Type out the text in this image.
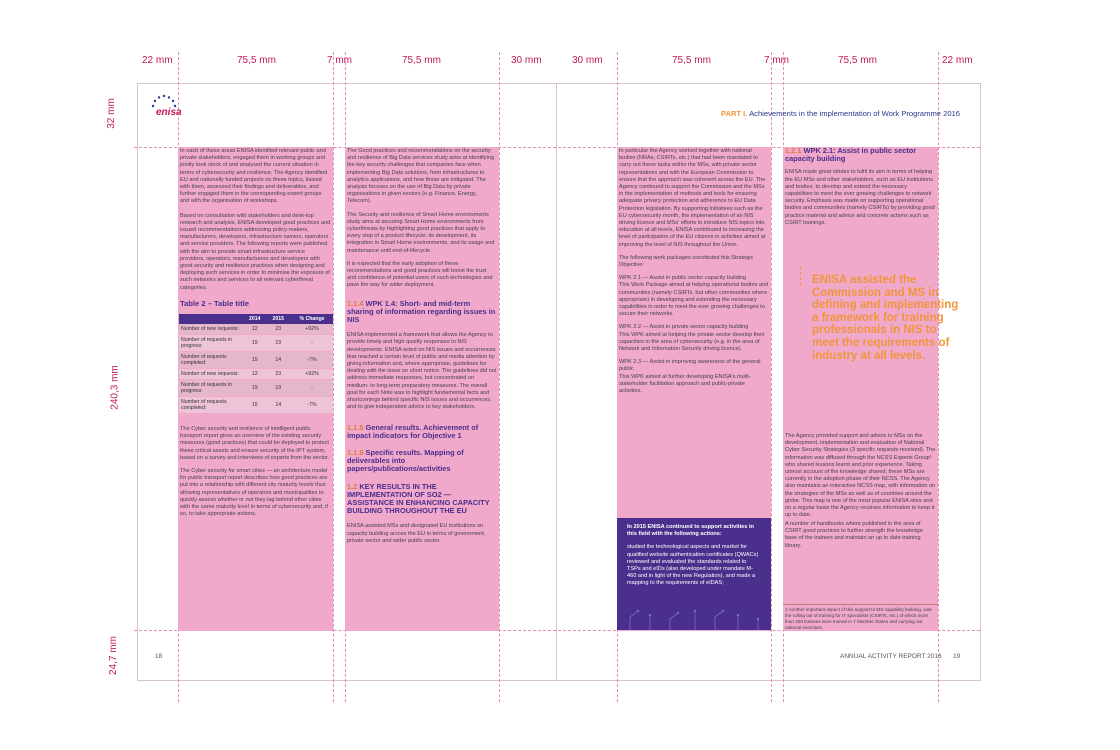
22 mm	75,5 mm	7 mm	75,5 mm	30 mm	30 mm	75,5 mm	7 mm	75,5 mm	22 mm
32 mm
240,3 mm
24,7 mm
enisa	PART I. Achievements in the implementation of Work Programme 2016
In each of these areas ENISA identified relevant public and private stakeholders, engaged them in working groups and jointly took stock of and analysed the current situation in terms of cybersecurity and resilience. The Agency identified EU and nationally funded projects on these topics, liaised with them, assessed their findings and deliverables, and further engaged them in the corresponding expert groups and with the organisation of workshops.
Based on consultation with stakeholders and desk-top research and analysis, ENISA developed good practices and issued recommendations addressing policy-makers, manufacturers, developers, infrastructure owners, operators and service providers. The following reports were published with the aim to provide smart infrastructure service providers, operators, manufacturers and developers with good security and resilience practices when designing and deploying such services in order to minimise the exposure of such networks and services to all relevant cyberthreat categories.
Table 2 – Table title
	2014	2015	% Change
Number of new requests:	12	23	+92%
Number of requests in progress:	19	19	-
Number of requests completed:	15	14	-7%
Number of new requests:	12	23	+92%
Number of requests in progress:	19	19	-
Number of requests completed:	15	14	-7%
The Cyber security and resilience of intelligent public transport report gives an overview of the existing security measures (good practices) that could be deployed to protect these critical assets and ensure security of the IPT system, based on a survey and interviews of experts from the sector.
The Cyber security for smart cities — an architecture model for public transport report describes how good practices are put into a relationship with different city maturity levels thus allowing representatives of operators and municipalities to quickly assess whether or not they lag behind other cities with the same maturity level in terms of cybersecurity and, if so, to take appropriate actions.
The Good practices and recommendations on the security and resilience of Big Data services study aims at identifying the key security challenges that companies face when implementing Big Data solutions, from infrastructures to analytics applications, and how those are mitigated. The analysis focuses on the use of Big Data by private organisations in given sectors (e.g. Finance, Energy, Telecom).
The Security and resilience of Smart Home environments study aims at securing Smart Home environments from cyberthreats by highlighting good practices that apply to every step of a product lifecycle: its development, its integration in Smart Home environments, and its usage and maintenance until end-of-lifecycle.
It is expected that the early adoption of these recommendations and good practices will boost the trust and confidence of potential users of such technologies and pave the way for wider deployment.
1.1.4 WPK 1.4: Short- and mid-term sharing of information regarding issues in NIS
ENISA implemented a framework that allows the Agency to provide timely and high quality responses to NIS developments. ENISA acted on NIS issues and occurrences that reached a certain level of public and media attention by giving information and, where appropriate, guidelines for dealing with the issue on short notice. The guidelines did not address immediate responses, but concentrated on medium- to long-term preparatory measures. The overall goal for each Note was to highlight fundamental facts and shortcomings behind specific NIS issues and occurrences, and to give independent advice to key stakeholders.
1.1.5 General results. Achievement of impact indicators for Objective 1
1.1.6 Specific results. Mapping of deliverables into papers/publications/activities
1.2 KEY RESULTS IN THE IMPLEMENTATION OF SO2 — ASSISTANCE IN ENHANCING CAPACITY BUILDING THROUGHOUT THE EU
ENISA assisted MSs and designated EU institutions on capacity building across the EU in terms of government, private sector and wider public sector.
In particular the Agency worked together with national bodies (NRAs, CSIRTs, etc.) that had been mandated to carry out these tasks within the MSs, with private sector representatives and with the European Commission to ensure that the approach was coherent across the EU. The Agency continued to support the Commission and the MSs in the implementation of methods and tools for ensuring adequate privacy protection and adherence to EU Data Protection legislation. By supporting initiatives such as the EU cybersecurity month, the implementation of an NIS driving licence and MSs' efforts to introduce NIS topics into education at all levels, ENISA contributed to increasing the level of participation of the EU citizens in activities aimed at improving the level of NIS throughout the Union.
The following work packages constituted this Strategic Objective:
WPK 2.1 — Assist in public sector capacity building
This Work Package aimed at helping operational bodies and communities (namely CSIRTs, but other communities where appropriate) in developing and extending the necessary capabilities in order to meet the ever growing challenges to secure their networks.
WPK 2.2 — Assist in private sector capacity building
This WPK aimed at helping the private sector develop their capacities in the area of cybersecurity (e.g. in the area of Network and Information Security driving licence).
WPK 2.3 — Assist in improving awareness of the general public
This WPK aimed at further developing ENISA's multi-stakeholder facilitation approach and public-private activities.
In 2015 ENISA continued to support activities in this field with the following actions:
studied the technological aspects and market for qualified website authentication certificates (QWACs) reviewed and evaluated the standards related to TSPs and eIDs (also developed under mandate M-460 and in light of the new Regulation), and made a mapping to the requirements of eIDAS;
1.2.1 WPK 2.1: Assist in public sector capacity building
ENISA made great strides to fulfil its aim in terms of helping the EU MSs and other stakeholders, such as EU institutions and bodies, to develop and extend the necessary capabilities to meet the ever growing challenges to network security. Emphasis was made on supporting operational bodies and communities (namely CSIRTs) by providing good practice material and advice and concrete actions such as CSIRT trainings.
ENISA assisted the Commission and MS in defining and implementing a framework for training professionals in NIS to meet the requirements of industry at all levels.
The Agency provided support and advice to MSs on the development, implementation and evaluation of National Cyber Security Strategies (3 specific requests received). The information was diffused through the NCSS Experts Group¹ who shared lessons learnt and prior experience. Taking utmost account of the knowledge shared, these MSs are currently in the adoption phase of their NCSS. The Agency also maintains an interactive NCSS map, with information on the strategies of the MSs as well as of countries around the globe. This map is one of the most popular ENISA sites and on a regular basis the Agency receives information to keep it up to date.
A number of handbooks where published in the area of CSIRT good practices to further strength the knowledge base of the trainers and maintain an up to date training library.
1 Another important aspect of this support to MS capability building, was the rolling out of training for IT specialists (CSIRTs, etc.) of which more than 200 trainees were trained in 7 Member States and carrying out national exercises.
18	ANNUAL ACTIVITY REPORT 2016 19
